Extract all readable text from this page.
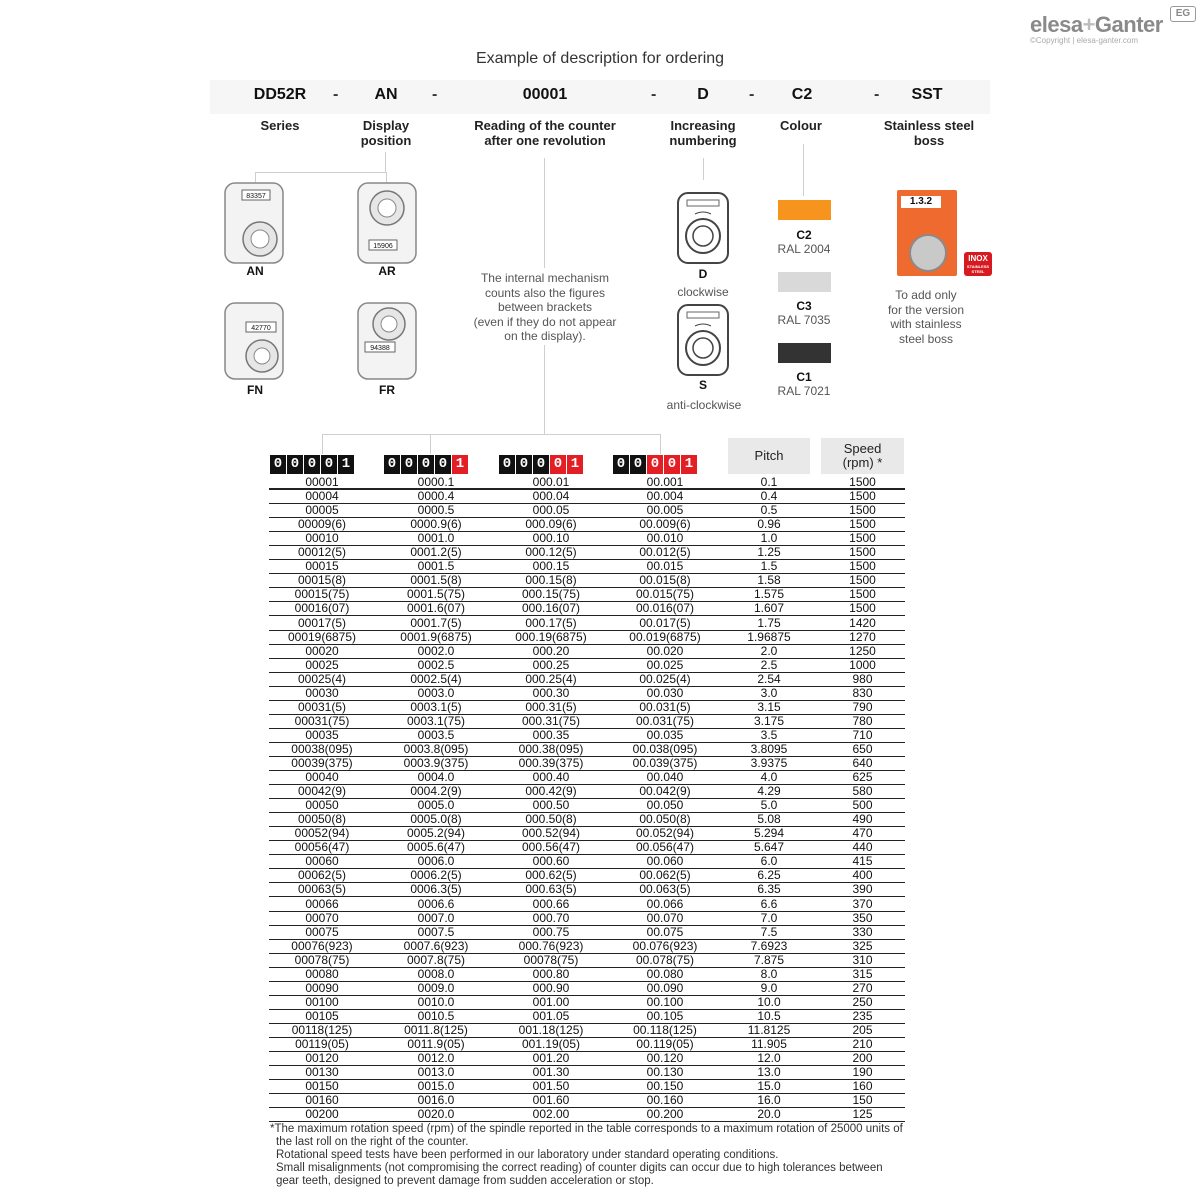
elesa+Ganter	EG
©Copyright | elesa-ganter.com
Example of description for ordering
DD52R	-	AN	-	00001	-	D	-	C2	-	SST
Series	Display
position
Reading of the counter
after one revolution
Increasing
numbering
Colour	Stainless steel
boss
83357
AN
15906
AR
42770
FN
94388
FR
The internal mechanism
counts also the figures
between brackets
(even if they do not appear
on the display).
D
clockwise
S
anti-clockwise
C2
RAL 2004
C3
RAL 7035
C1
RAL 7021
1.3.2
INOX
STAINLESS STEEL
To add only
for the version
with stainless
steel boss
0 0 0 0 1	0 0 0 0 1	0 0 0 0 1	0 0 0 0 1
Pitch	Speed
(rpm) *
00001	0000.1	000.01	00.001	0.1	1500
00004	0000.4	000.04	00.004	0.4	1500
00005	0000.5	000.05	00.005	0.5	1500
00009(6)	0000.9(6)	000.09(6)	00.009(6)	0.96	1500
00010	0001.0	000.10	00.010	1.0	1500
00012(5)	0001.2(5)	000.12(5)	00.012(5)	1.25	1500
00015	0001.5	000.15	00.015	1.5	1500
00015(8)	0001.5(8)	000.15(8)	00.015(8)	1.58	1500
00015(75)	0001.5(75)	000.15(75)	00.015(75)	1.575	1500
00016(07)	0001.6(07)	000.16(07)	00.016(07)	1.607	1500
00017(5)	0001.7(5)	000.17(5)	00.017(5)	1.75	1420
00019(6875)	0001.9(6875)	000.19(6875)	00.019(6875)	1.96875	1270
00020	0002.0	000.20	00.020	2.0	1250
00025	0002.5	000.25	00.025	2.5	1000
00025(4)	0002.5(4)	000.25(4)	00.025(4)	2.54	980
00030	0003.0	000.30	00.030	3.0	830
00031(5)	0003.1(5)	000.31(5)	00.031(5)	3.15	790
00031(75)	0003.1(75)	000.31(75)	00.031(75)	3.175	780
00035	0003.5	000.35	00.035	3.5	710
00038(095)	0003.8(095)	000.38(095)	00.038(095)	3.8095	650
00039(375)	0003.9(375)	000.39(375)	00.039(375)	3.9375	640
00040	0004.0	000.40	00.040	4.0	625
00042(9)	0004.2(9)	000.42(9)	00.042(9)	4.29	580
00050	0005.0	000.50	00.050	5.0	500
00050(8)	0005.0(8)	000.50(8)	00.050(8)	5.08	490
00052(94)	0005.2(94)	000.52(94)	00.052(94)	5.294	470
00056(47)	0005.6(47)	000.56(47)	00.056(47)	5.647	440
00060	0006.0	000.60	00.060	6.0	415
00062(5)	0006.2(5)	000.62(5)	00.062(5)	6.25	400
00063(5)	0006.3(5)	000.63(5)	00.063(5)	6.35	390
00066	0006.6	000.66	00.066	6.6	370
00070	0007.0	000.70	00.070	7.0	350
00075	0007.5	000.75	00.075	7.5	330
00076(923)	0007.6(923)	000.76(923)	00.076(923)	7.6923	325
00078(75)	0007.8(75)	00078(75)	00.078(75)	7.875	310
00080	0008.0	000.80	00.080	8.0	315
00090	0009.0	000.90	00.090	9.0	270
00100	0010.0	001.00	00.100	10.0	250
00105	0010.5	001.05	00.105	10.5	235
00118(125)	0011.8(125)	001.18(125)	00.118(125)	11.8125	205
00119(05)	0011.9(05)	001.19(05)	00.119(05)	11.905	210
00120	0012.0	001.20	00.120	12.0	200
00130	0013.0	001.30	00.130	13.0	190
00150	0015.0	001.50	00.150	15.0	160
00160	0016.0	001.60	00.160	16.0	150
00200	0020.0	002.00	00.200	20.0	125
*The maximum rotation speed (rpm) of the spindle reported in the table corresponds to a maximum rotation of 25000 units of
the last roll on the right of the counter.
Rotational speed tests have been performed in our laboratory under standard operating conditions.
Small misalignments (not compromising the correct reading) of counter digits can occur due to high tolerances between
gear teeth, designed to prevent damage from sudden acceleration or stop.
